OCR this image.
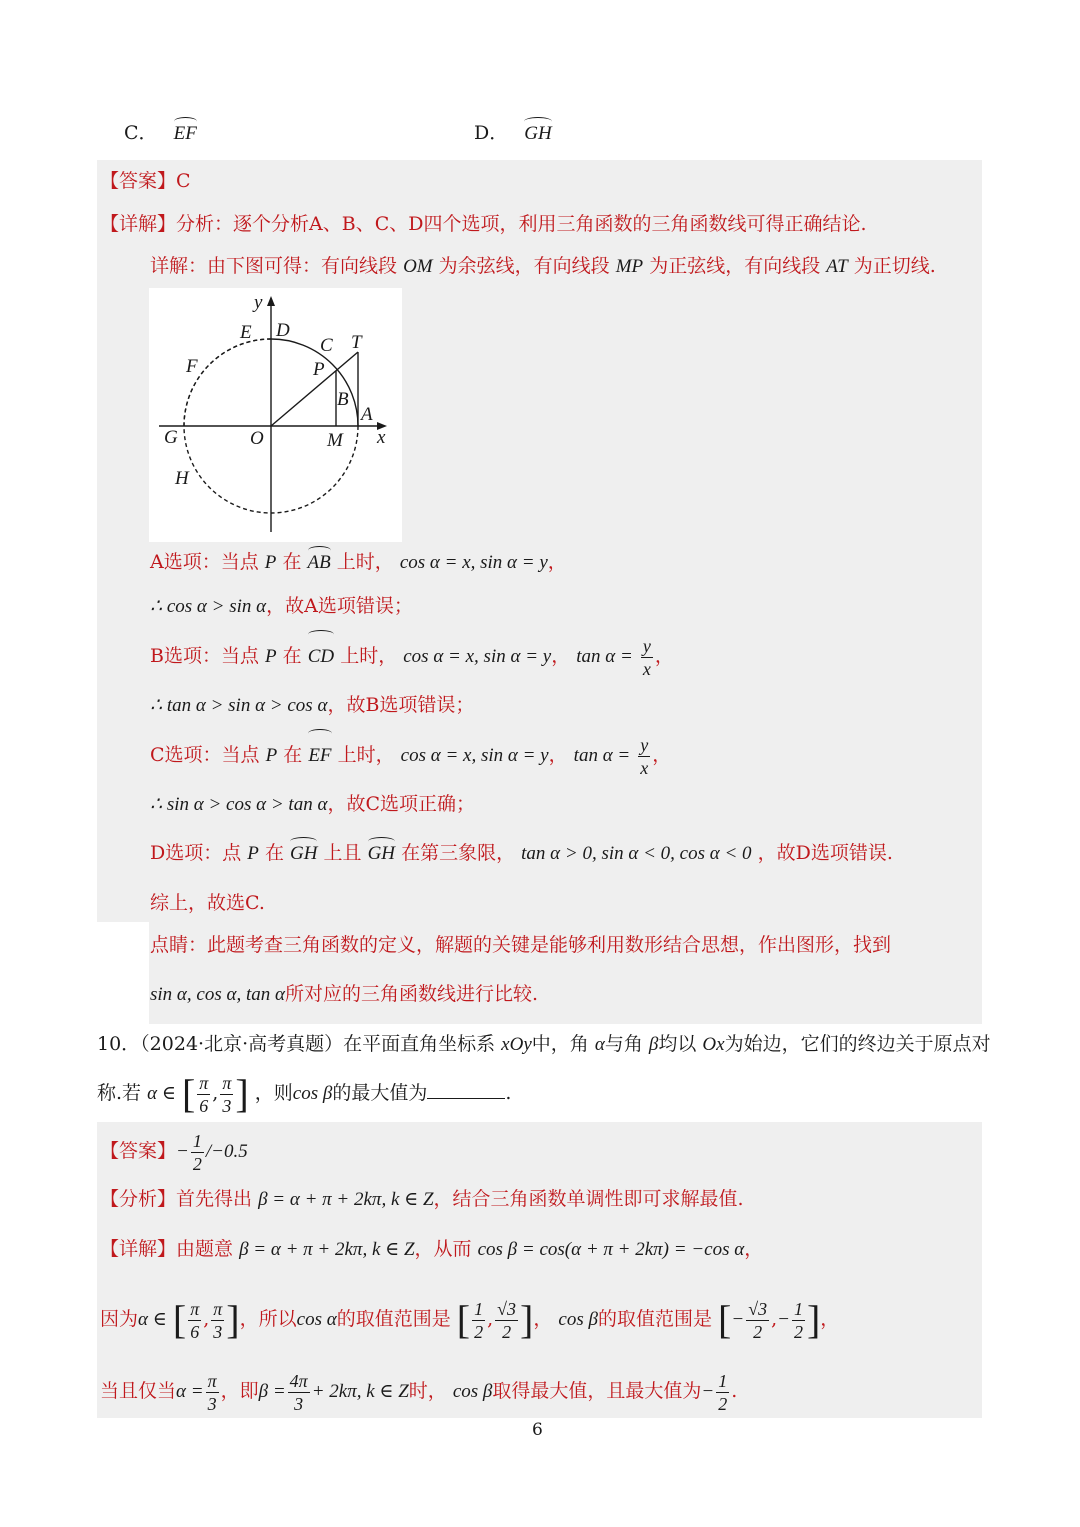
C． EF	D． GH
【答案】C
【详解】分析：逐个分析A、B、C、D四个选项，利用三角函数的三角函数线可得正确结论.
详解：由下图可得：有向线段 OM 为余弦线，有向线段 MP 为正弦线，有向线段 AT 为正切线.
y
x
E D
C T
F	P
B
A
G	O	M
H
A选项：当点 P 在 AB 上时， cos α = x, sin α = y，
∴ cos α > sin α，故A选项错误；
B选项：当点 P 在 CD 上时， cos α = x, sin α = y， $\tan \alpha = \frac{y}{x}$ ，
∴ tan α > sin α > cos α，故B选项错误；
C选项：当点 P 在 EF 上时， cos α = x, sin α = y， $\tan \alpha = \frac{y}{x}$ ，
∴ sin α > cos α > tan α，故C选项正确；
D选项：点 P 在 GH 上且 GH 在第三象限， tan α > 0, sin α < 0, cos α < 0 ，故D选项错误.
综上，故选C.
点睛：此题考查三角函数的定义，解题的关键是能够利用数形结合思想，作出图形，找到
sin α, cos α, tan α所对应的三角函数线进行比较.
10．（2024·北京·高考真题）在平面直角坐标系 xOy中，角 α与角 β均以 Ox为始边，它们的终边关于原点对
称.若 α ∈ [ $\frac{\pi}{6}$ , $\frac{\pi}{3}$ ] ，则cos β的最大值为	.
【答案】− $\frac{1}{2} /-0.5$
【分析】首先得出 β = α + π + 2kπ, k ∈ Z，结合三角函数单调性即可求解最值.
【详解】由题意 β = α + π + 2kπ, k ∈ Z，从而 cos β = cos(α + π + 2kπ) = −cos α，
因为α ∈ [ $\frac{\pi}{6}$ , $\frac{\pi}{3}$ ]，所以cos α的取值范围是 [ $\frac{1}{2}$ , $\frac{√3}{2}$ ]， cos β的取值范围是 [− $\frac{√3}{2}$ ,− $\frac{1}{2}$ ]，
当且仅当$\alpha = \frac{\pi}{3}$ ，即$\beta = \frac{4\pi}{3} + 2k\pi$, k ∈ Z时， cos β取得最大值，且最大值为− $\frac{1}{2}$ .
6
